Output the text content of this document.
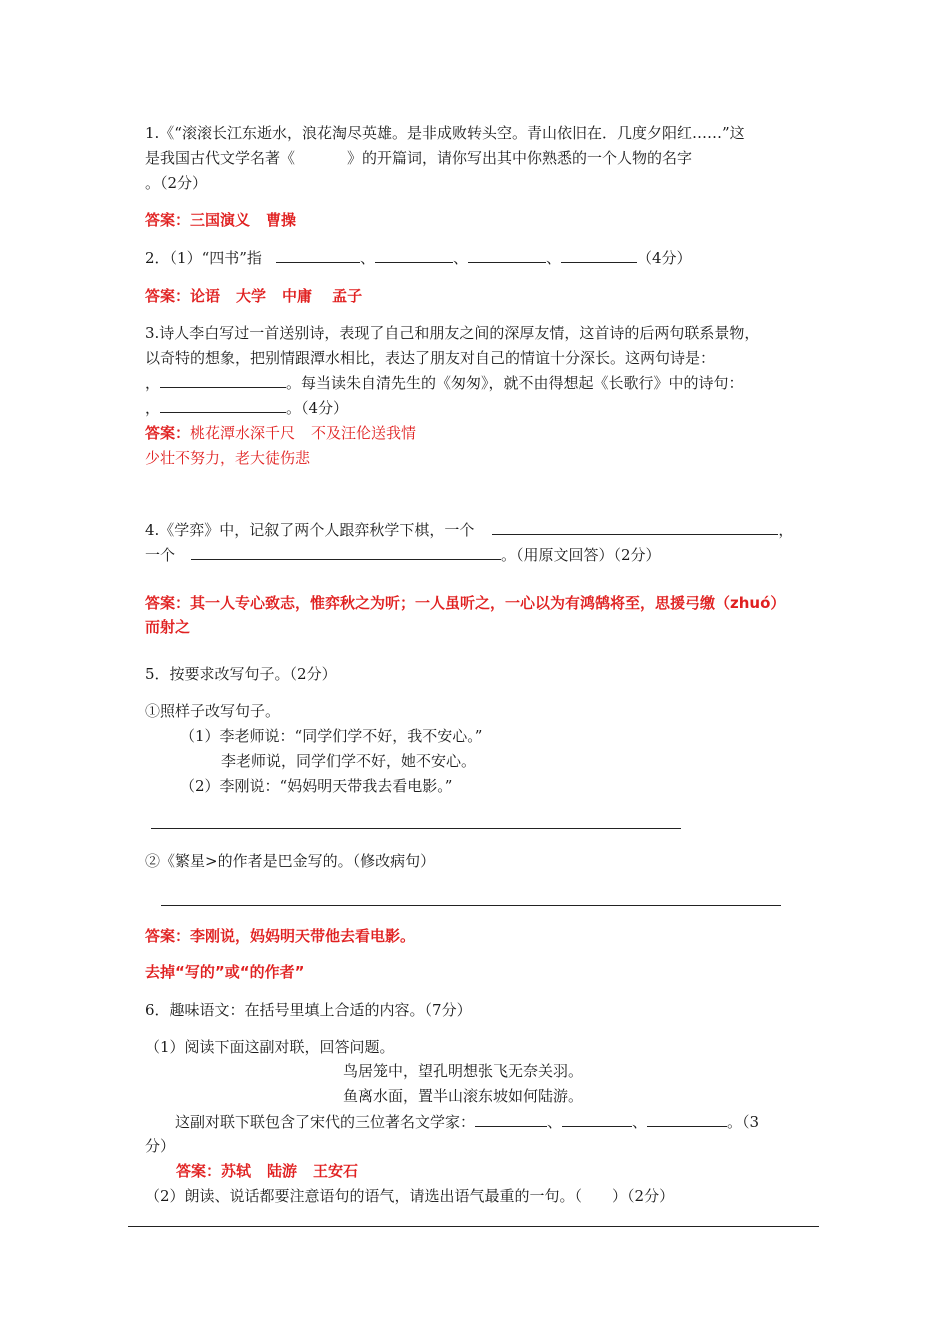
1.《“滚滚长江东逝水，浪花淘尽英雄。是非成败转头空。青山依旧在．几度夕阳红……”这
是我国古代文学名著《	》的开篇词，请你写出其中你熟悉的一个人物的名字
。（2分）
答案：三国演义 曹操
2．（1）“四书”指	、	、	、	（4分）
答案：论语 大学 中庸 孟子
3.诗人李白写过一首送别诗，表现了自己和朋友之间的深厚友情，这首诗的后两句联系景物，
以奇特的想象，把别情跟潭水相比，表达了朋友对自己的情谊十分深长。这两句诗是：
，	。每当读朱自清先生的《匆匆》，就不由得想起《长歌行》中的诗句：
，	。（4分）
答案：桃花潭水深千尺 不及汪伦送我情
少壮不努力，老大徒伤悲
4.《学弈》中，记叙了两个人跟弈秋学下棋，一个	，
一个	。（用原文回答）（2分）
答案：其一人专心致志，惟弈秋之为听；一人虽听之，一心以为有鸿鹄将至，思援弓缴（zhuó）
而射之
5．按要求改写句子。（2分）
①照样子改写句子。
（1）李老师说：“同学们学不好，我不安心。”
李老师说，同学们学不好，她不安心。
（2）李刚说：“妈妈明天带我去看电影。”
②《繁星>的作者是巴金写的。（修改病句）
答案：李刚说，妈妈明天带他去看电影。
去掉“写的”或“的作者”
6．趣味语文：在括号里填上合适的内容。（7分）
（1）阅读下面这副对联，回答问题。
鸟居笼中，望孔明想张飞无奈关羽。
鱼离水面，置半山滚东坡如何陆游。
这副对联下联包含了宋代的三位著名文学家：	、	、	。（3
分）
答案：苏轼 陆游 王安石
（2）朗读、说话都要注意语句的语气，请选出语气最重的一句。（　　）（2分）
